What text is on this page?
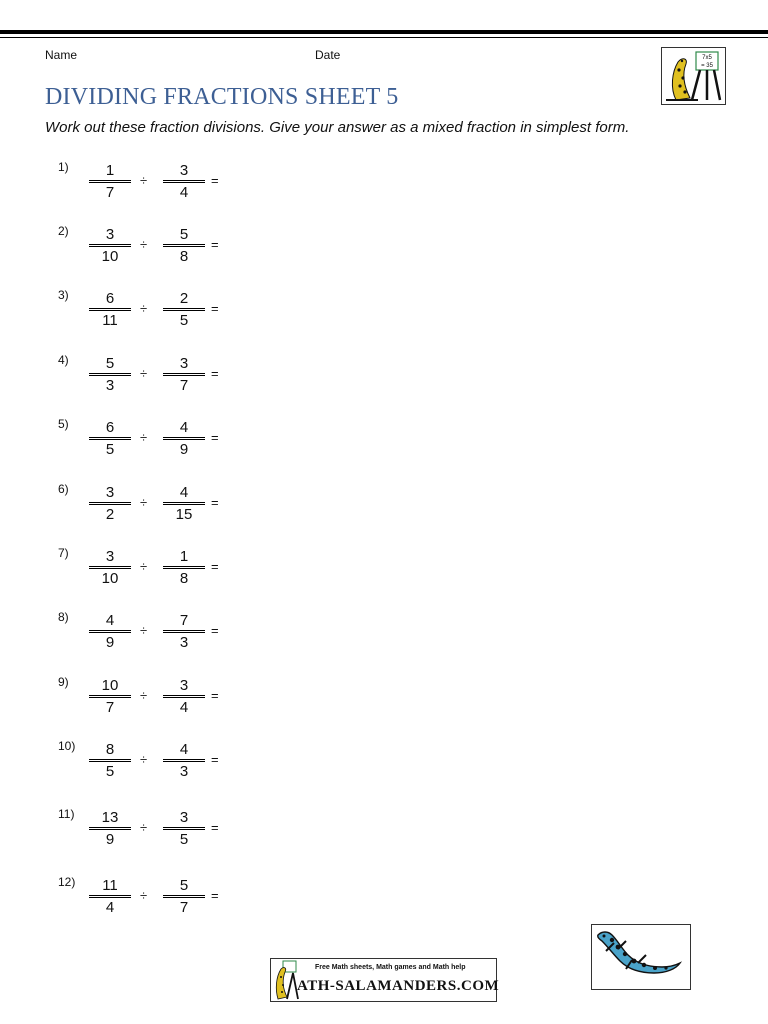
Name	Date	7x5
= 35
DIVIDING FRACTIONS SHEET 5

Work out these fraction divisions. Give your answer as a mixed fraction in simplest form.

1)	1
7
÷
3
4
=
2)	3
10
÷
5
8
=
3)	6
11
÷
2
5
=
4)	5
3
÷
3
7
=
5)	6
5
÷
4
9
=
6)	3
2
÷
4
15
=
7)	3
10
÷
1
8
=
8)	4
9
÷
7
3
=
9)	10
7
÷
3
4
=
10)	8
5
÷
4
3
=
11)	13
9
÷
3
5
=
12)	11
4
÷
5
7
=
Free Math sheets, Math games and Math help
ATH-SALAMANDERS.COM
